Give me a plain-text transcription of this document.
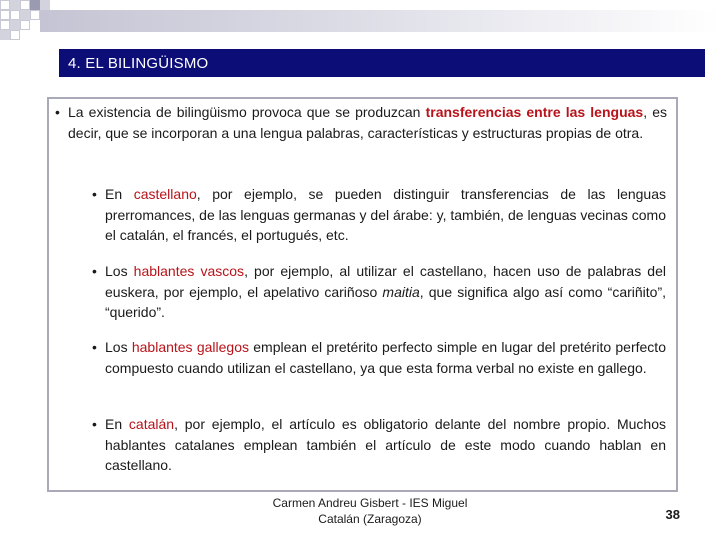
4. EL BILINGÜISMO
• La existencia de bilingüismo provoca que se produzcan transferencias entre las lenguas, es decir, que se incorporan a una lengua palabras, características y estructuras propias de otra.
• En castellano, por ejemplo, se pueden distinguir transferencias de las lenguas prerromances, de las lenguas germanas y del árabe: y, también, de lenguas vecinas como el catalán, el francés, el portugués, etc.
• Los hablantes vascos, por ejemplo, al utilizar el castellano, hacen uso de palabras del euskera, por ejemplo, el apelativo cariñoso maitia, que significa algo así como “cariñito”, “querido”.
• Los hablantes gallegos emplean el pretérito perfecto simple en lugar del pretérito perfecto compuesto cuando utilizan el castellano, ya que esta forma verbal no existe en gallego.
• En catalán, por ejemplo, el artículo es obligatorio delante del nombre propio. Muchos hablantes catalanes emplean también el artículo de este modo cuando hablan en castellano.
Carmen Andreu Gisbert - IES Miguel
Catalán (Zaragoza)	38
